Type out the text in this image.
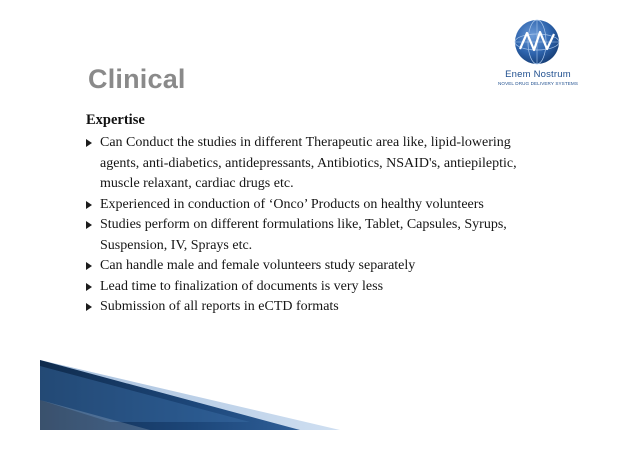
Clinical	Enem Nostrum
NOVEL DRUG DELIVERY SYSTEMS
Expertise
Can Conduct the studies in different Therapeutic area like, lipid-lowering agents, anti-diabetics, antidepressants, Antibiotics, NSAID's, antiepileptic, muscle relaxant, cardiac drugs etc.
Experienced in conduction of ‘Onco’ Products on healthy volunteers
Studies perform on different formulations like, Tablet, Capsules, Syrups, Suspension, IV, Sprays etc.
Can handle male and female volunteers study separately
Lead time to finalization of documents is very less
Submission of all reports in eCTD formats
